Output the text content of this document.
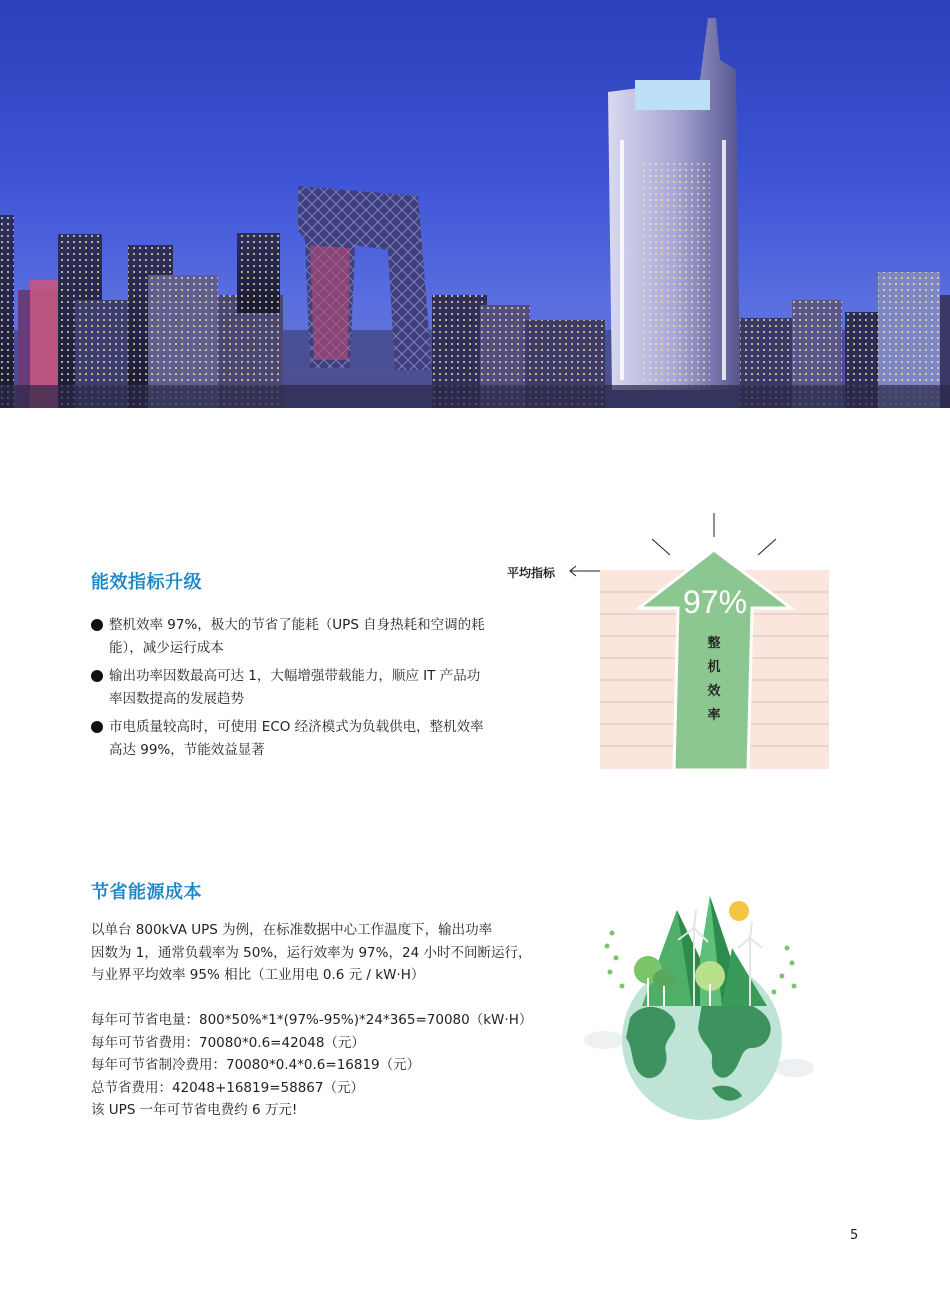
能效指标升级
整机效率 97%，极大的节省了能耗（UPS 自身热耗和空调的耗能），减少运行成本
输出功率因数最高可达 1，大幅增强带载能力，顺应 IT 产品功率因数提高的发展趋势
市电质量较高时，可使用 ECO 经济模式为负载供电，整机效率高达 99%，节能效益显著
平均指标
97%
整
机
效
率
节省能源成本

以单台 800kVA UPS 为例，在标准数据中心工作温度下，输出功率

因数为 1，通常负载率为 50%，运行效率为 97%，24 小时不间断运行，

与业界平均效率 95% 相比（工业用电 0.6 元 / kW·H）

每年可节省电量：800*50%*1*(97%-95%)*24*365=70080（kW·H）

每年可节省费用：70080*0.6=42048（元）

每年可节省制冷费用：70080*0.4*0.6=16819（元）

总节省费用：42048+16819=58867（元）

该 UPS 一年可节省电费约 6 万元!

5
